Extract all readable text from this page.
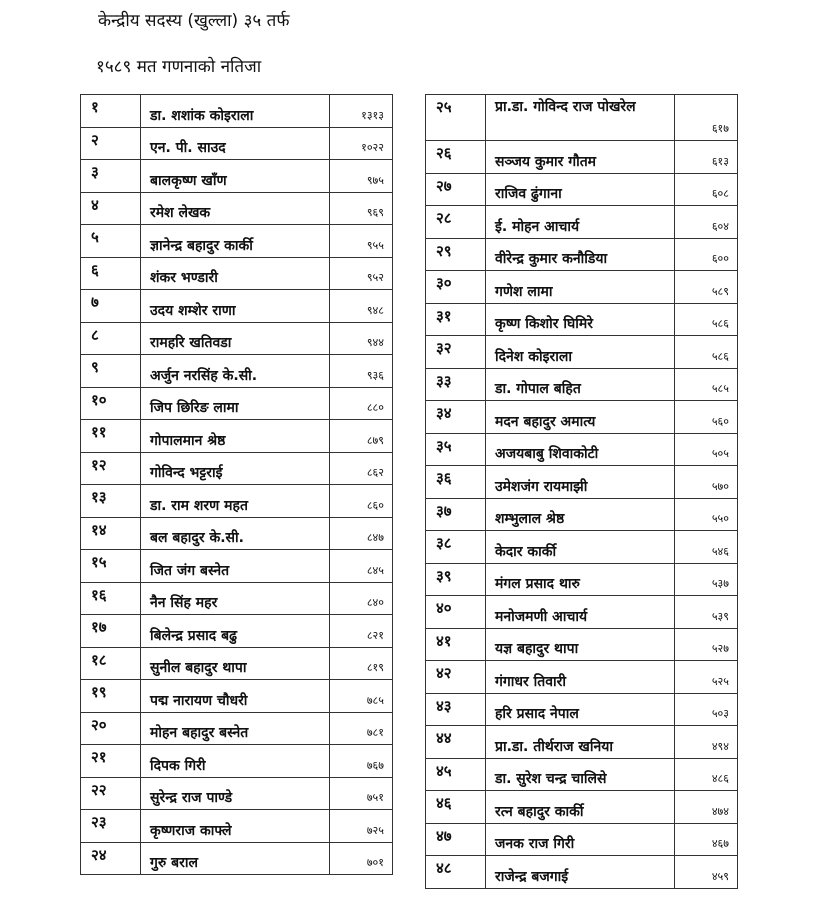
केन्द्रीय सदस्य (खुल्ला) ३५ तर्फ
१५८९ मत गणनाको नतिजा
१	डा. शशांक कोइराला	१३१३

२	एन. पी. साउद	१०२२

३	बालकृष्ण खाँण	९७५

४	रमेश लेखक	९६९

५	ज्ञानेन्द्र बहादुर कार्की	९५५

६	शंकर भण्डारी	९५२

७	उदय शम्शेर राणा	९४८

८	रामहरि खतिवडा	९४४

९	अर्जुन नरसिंह के.सी.	९३६

१०	जिप छिरिङ लामा	८८०

११	गोपालमान श्रेष्ठ	८७९

१२	गोविन्द भट्टराई	८६२

१३	डा. राम शरण महत	८६०

१४	बल बहादुर के.सी.	८४७

१५	जित जंग बस्नेत	८४५

१६	नैन सिंह महर	८४०

१७	बिलेन्द्र प्रसाद बढु	८२१

१८	सुनील बहादुर थापा	८१९

१९	पद्म नारायण चौधरी	७८५

२०	मोहन बहादुर बस्नेत	७८१

२१	दिपक गिरी	७६७

२२	सुरेन्द्र राज पाण्डे	७५१

२३	कृष्णराज काफ्ले	७२५

२४	गुरु बराल	७०१
२५	प्रा.डा. गोविन्द राज पोखरेल	६१७

२६	सञ्जय कुमार गौतम	६१३

२७	राजिव ढुंगाना	६०८

२८	ई. मोहन आचार्य	६०४

२९	वीरेन्द्र कुमार कनौडिया	६००

३०	गणेश लामा	५८९

३१	कृष्ण किशोर घिमिरे	५८६

३२	दिनेश कोइराला	५८६

३३	डा. गोपाल बहित	५८५

३४	मदन बहादुर अमात्य	५६०

३५	अजयबाबु शिवाकोटी	५०५

३६	उमेशजंग रायमाझी	५७०

३७	शम्भुलाल श्रेष्ठ	५५०

३८	केदार कार्की	५४६

३९	मंगल प्रसाद थारु	५३७

४०	मनोजमणी आचार्य	५३९

४१	यज्ञ बहादुर थापा	५२७

४२	गंगाधर तिवारी	५२५

४३	हरि प्रसाद नेपाल	५०३

४४	प्रा.डा. तीर्थराज खनिया	४९४

४५	डा. सुरेश चन्द्र चालिसे	४८६

४६	रत्न बहादुर कार्की	४७४

४७	जनक राज गिरी	४६७

४८	राजेन्द्र बजगाई	४५९
